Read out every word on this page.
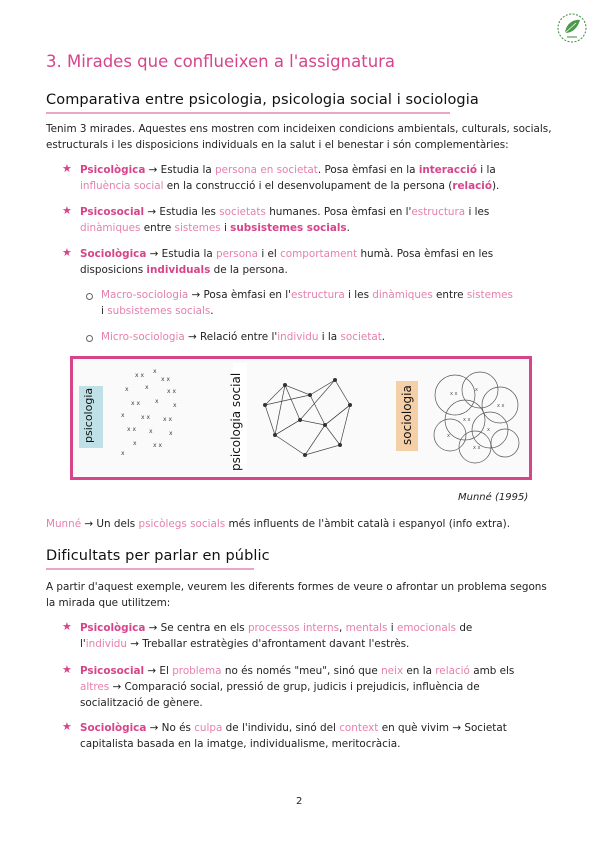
3. Mirades que conflueixen a l'assignatura
Comparativa entre psicologia, psicologia social i sociologia
Tenim 3 mirades. Aquestes ens mostren com incideixen condicions ambientals, culturals, socials,
estructurals i les disposicions individuals en la salut i el benestar i són complementàries:
★ Psicològica → Estudia la persona en societat. Posa èmfasi en la interacció i la
influència social en la construcció i el desenvolupament de la persona (relació).
★ Psicosocial → Estudia les societats humanes. Posa èmfasi en l'estructura i les
dinàmiques entre sistemes i subsistemes socials.
★ Sociològica → Estudia la persona i el comportament humà. Posa èmfasi en les
disposicions individuals de la persona.
Macro-sociologia → Posa èmfasi en l'estructura i les dinàmiques entre sistemes
i subsistemes socials.
Micro-sociologia → Relació entre l'individu i la societat.
psicologia
x x
x
x x
x	x
x x
x x x
x
x	x x x x
x x x	x
x	x x
x	psicologia social	sociologia	x x
x
x x
x x
x
x
x x
Munné (1995)
Munné → Un dels psicòlegs socials més influents de l'àmbit català i espanyol (info extra).
Dificultats per parlar en públic
A partir d'aquest exemple, veurem les diferents formes de veure o afrontar un problema segons
la mirada que utilitzem:
★ Psicològica → Se centra en els processos interns, mentals i emocionals de
l'individu → Treballar estratègies d'afrontament davant l'estrès.
★ Psicosocial → El problema no és només "meu", sinó que neix en la relació amb els
altres → Comparació social, pressió de grup, judicis i prejudicis, influència de
socialització de gènere.
★ Sociològica → No és culpa de l'individu, sinó del context en què vivim → Societat
capitalista basada en la imatge, individualisme, meritocràcia.
2
